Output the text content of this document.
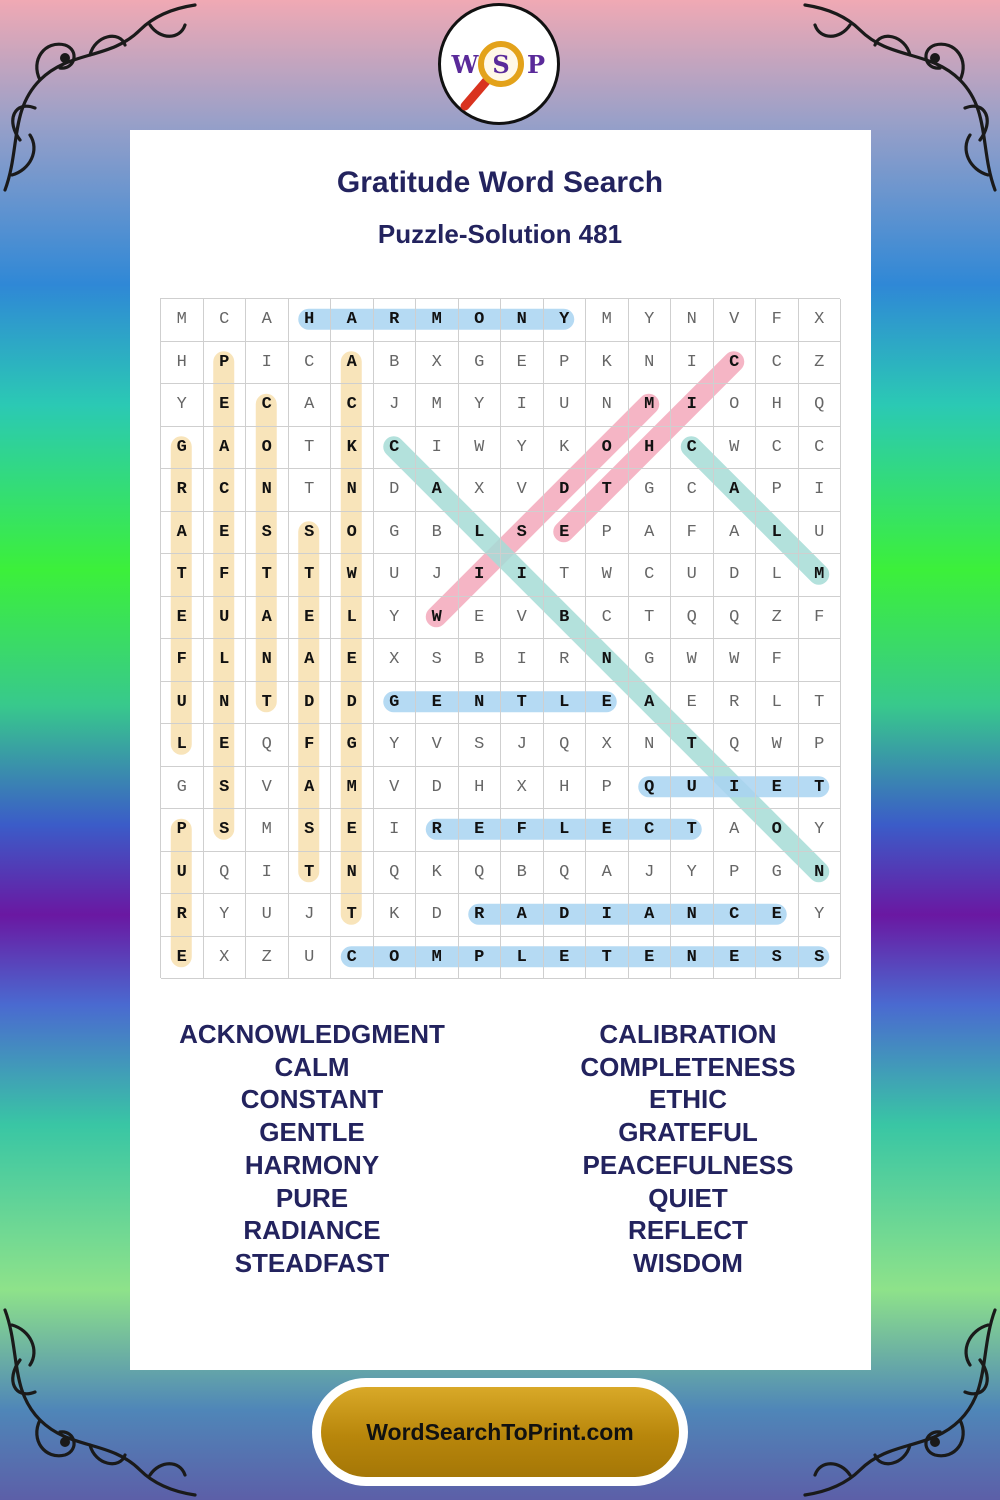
W S P
Gratitude Word Search
Puzzle-Solution 481
M	C	A	H	A	R	M	O	N	Y	M	Y	N	V	F	X
H	P	I	C	A	B	X	G	E	P	K	N	I	C	C	Z
Y	E	C	A	C	J	M	Y	I	U	N	M	I	O	H	Q
G	A	O	T	K	C	I	W	Y	K	O	H	C	W	C	C
R	C	N	T	N	D	A	X	V	D	T	G	C	A	P	I
A	E	S	S	O	G	B	L	S	E	P	A	F	A	L	U
T	F	T	T	W	U	J	I	I	T	W	C	U	D	L	M
E	U	A	E	L	Y	W	E	V	B	C	T	Q	Q	Z	F
F	L	N	A	E	X	S	B	I	R	N	G	W	W	F
U	N	T	D	D	G	E	N	T	L	E	A	E	R	L	T
L	E	Q	F	G	Y	V	S	J	Q	X	N	T	Q	W	P
G	S	V	A	M	V	D	H	X	H	P	Q	U	I	E	T
P	S	M	S	E	I	R	E	F	L	E	C	T	A	O	Y
U	Q	I	T	N	Q	K	Q	B	Q	A	J	Y	P	G	N
R	Y	U	J	T	K	D	R	A	D	I	A	N	C	E	Y
E	X	Z	U	C	O	M	P	L	E	T	E	N	E	S	S
ACKNOWLEDGMENT
CALM
CONSTANT
GENTLE
HARMONY
PURE
RADIANCE
STEADFAST
CALIBRATION
COMPLETENESS
ETHIC
GRATEFUL
PEACEFULNESS
QUIET
REFLECT
WISDOM
WordSearchToPrint.com
